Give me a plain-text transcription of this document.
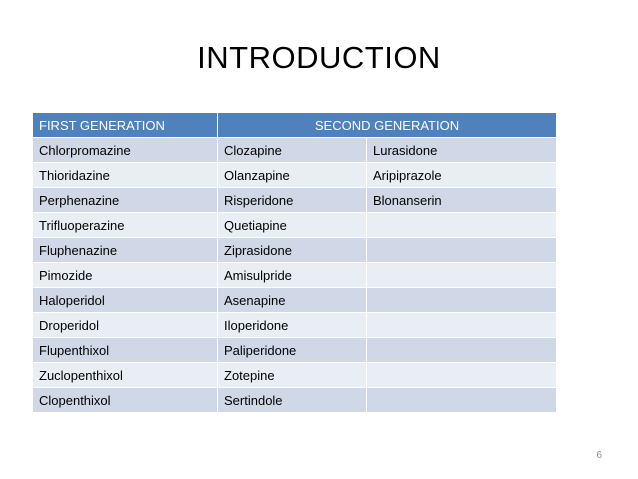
INTRODUCTION
FIRST GENERATION	SECOND GENERATION	
Chlorpromazine	Clozapine	Lurasidone
Thioridazine	Olanzapine	Aripiprazole
Perphenazine	Risperidone	Blonanserin
Trifluoperazine	Quetiapine	
Fluphenazine	Ziprasidone	
Pimozide	Amisulpride	
Haloperidol	Asenapine	
Droperidol	Iloperidone	
Flupenthixol	Paliperidone	
Zuclopenthixol	Zotepine	
Clopenthixol	Sertindole	
6
